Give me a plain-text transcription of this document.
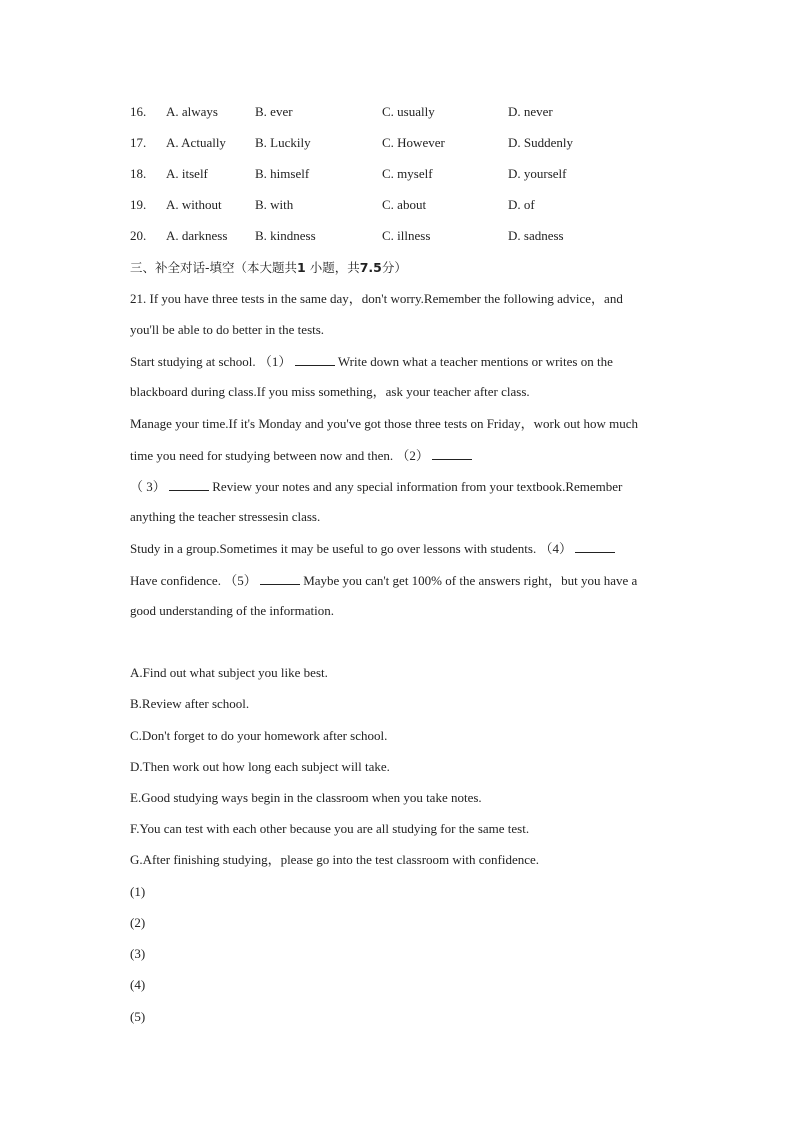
16. A. always	B. ever	C. usually	D. never
17. A. Actually B. Luckily	C. However	D. Suddenly
18. A. itself	B. himself	C. myself	D. yourself
19. A. without	B. with	C. about	D. of
20. A. darkness B. kindness	C. illness	D. sadness
三、补全对话-填空（本大题共1 小题，共7.5分）
21. If you have three tests in the same day，don't worry.Remember the following advice，and
you'll be able to do better in the tests.
Start studying at school. （1）	Write down what a teacher mentions or writes on the
blackboard during class.If you miss something，ask your teacher after class.
Manage your time.If it's Monday and you've got those three tests on Friday，work out how much
time you need for studying between now and then. （2）
（ 3）	Review your notes and any special information from your textbook.Remember
anything the teacher stressesin class.
Study in a group.Sometimes it may be useful to go over lessons with students. （4）
Have confidence. （5）	Maybe you can't get 100% of the answers right，but you have a
good understanding of the information.
A.Find out what subject you like best.
B.Review after school.
C.Don't forget to do your homework after school.
D.Then work out how long each subject will take.
E.Good studying ways begin in the classroom when you take notes.
F.You can test with each other because you are all studying for the same test.
G.After finishing studying，please go into the test classroom with confidence.
(1)
(2)
(3)
(4)
(5)
